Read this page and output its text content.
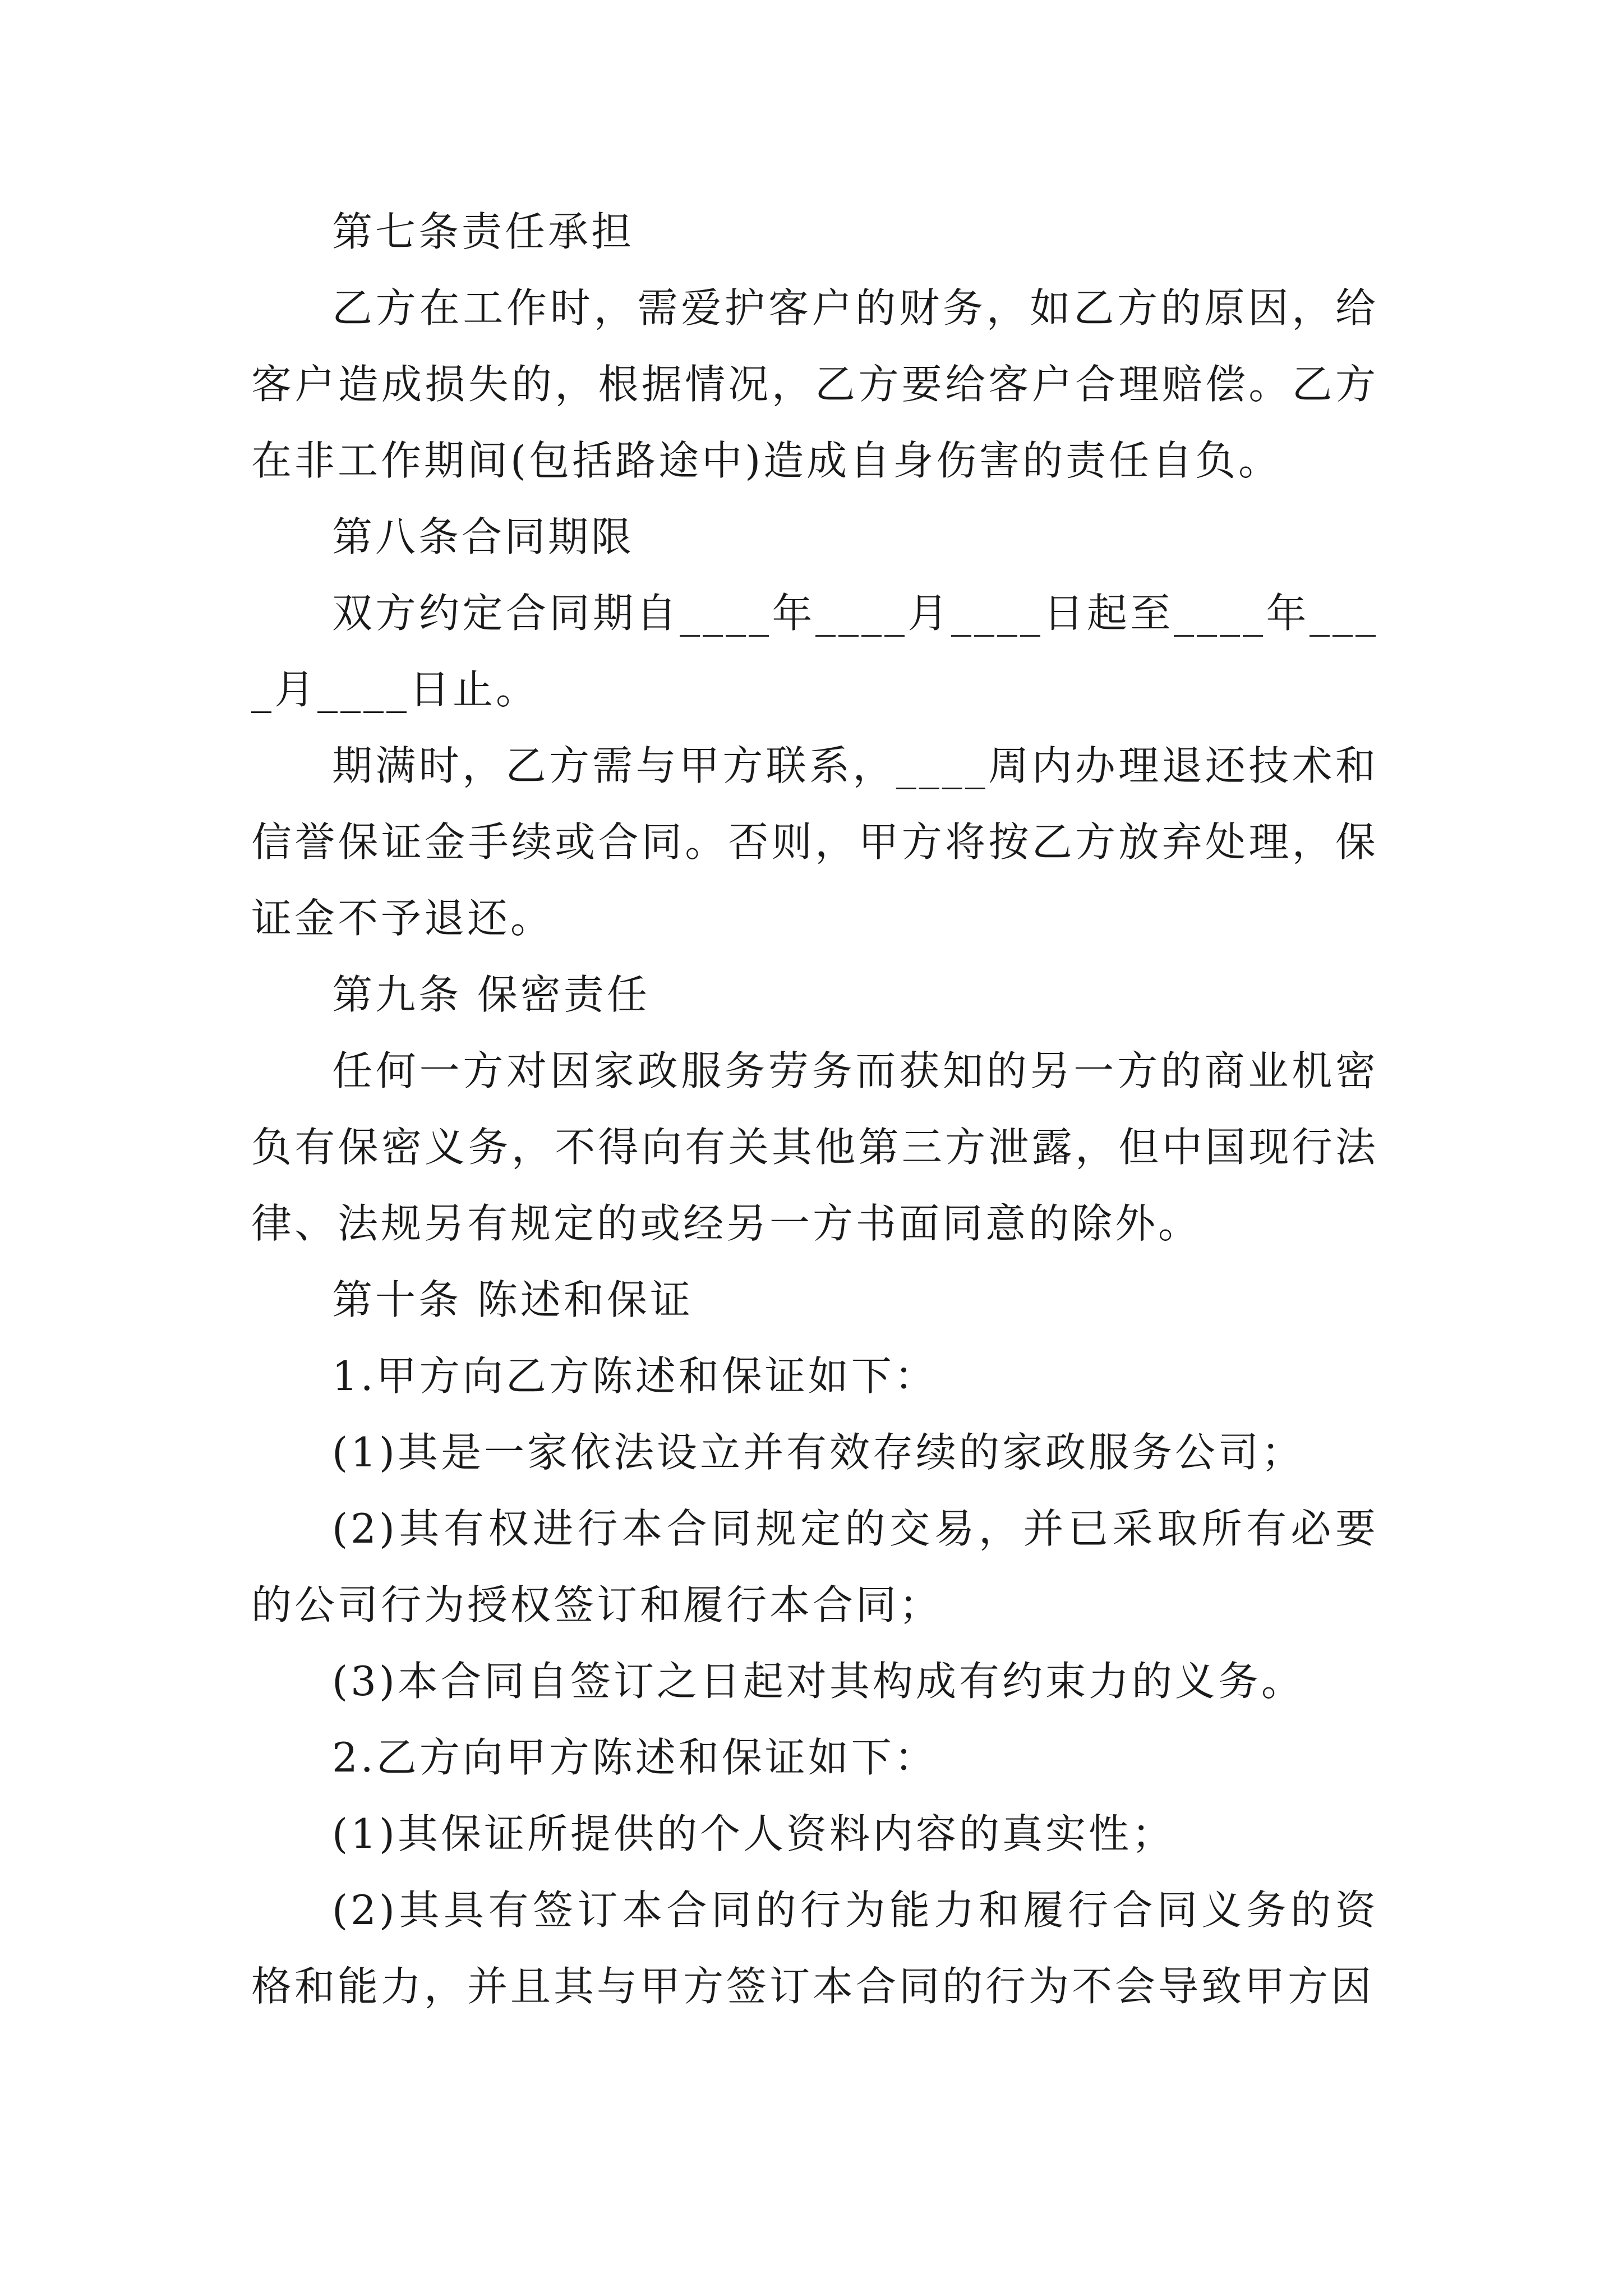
第七条责任承担

乙方在工作时，需爱护客户的财务，如乙方的原因，给客户造成损失的，根据情况，乙方要给客户合理赔偿。乙方在非工作期间(包括路途中)造成自身伤害的责任自负。

第八条合同期限

双方约定合同期自____年____月____日起至____年____月____日止。

期满时，乙方需与甲方联系，____周内办理退还技术和信誉保证金手续或合同。否则，甲方将按乙方放弃处理，保证金不予退还。

第九条 保密责任

任何一方对因家政服务劳务而获知的另一方的商业机密负有保密义务，不得向有关其他第三方泄露，但中国现行法律、法规另有规定的或经另一方书面同意的除外。

第十条 陈述和保证

1.甲方向乙方陈述和保证如下：

(1)其是一家依法设立并有效存续的家政服务公司；

(2)其有权进行本合同规定的交易，并已采取所有必要的公司行为授权签订和履行本合同；

(3)本合同自签订之日起对其构成有约束力的义务。

2.乙方向甲方陈述和保证如下：

(1)其保证所提供的个人资料内容的真实性；

(2)其具有签订本合同的行为能力和履行合同义务的资格和能力，并且其与甲方签订本合同的行为不会导致甲方因
